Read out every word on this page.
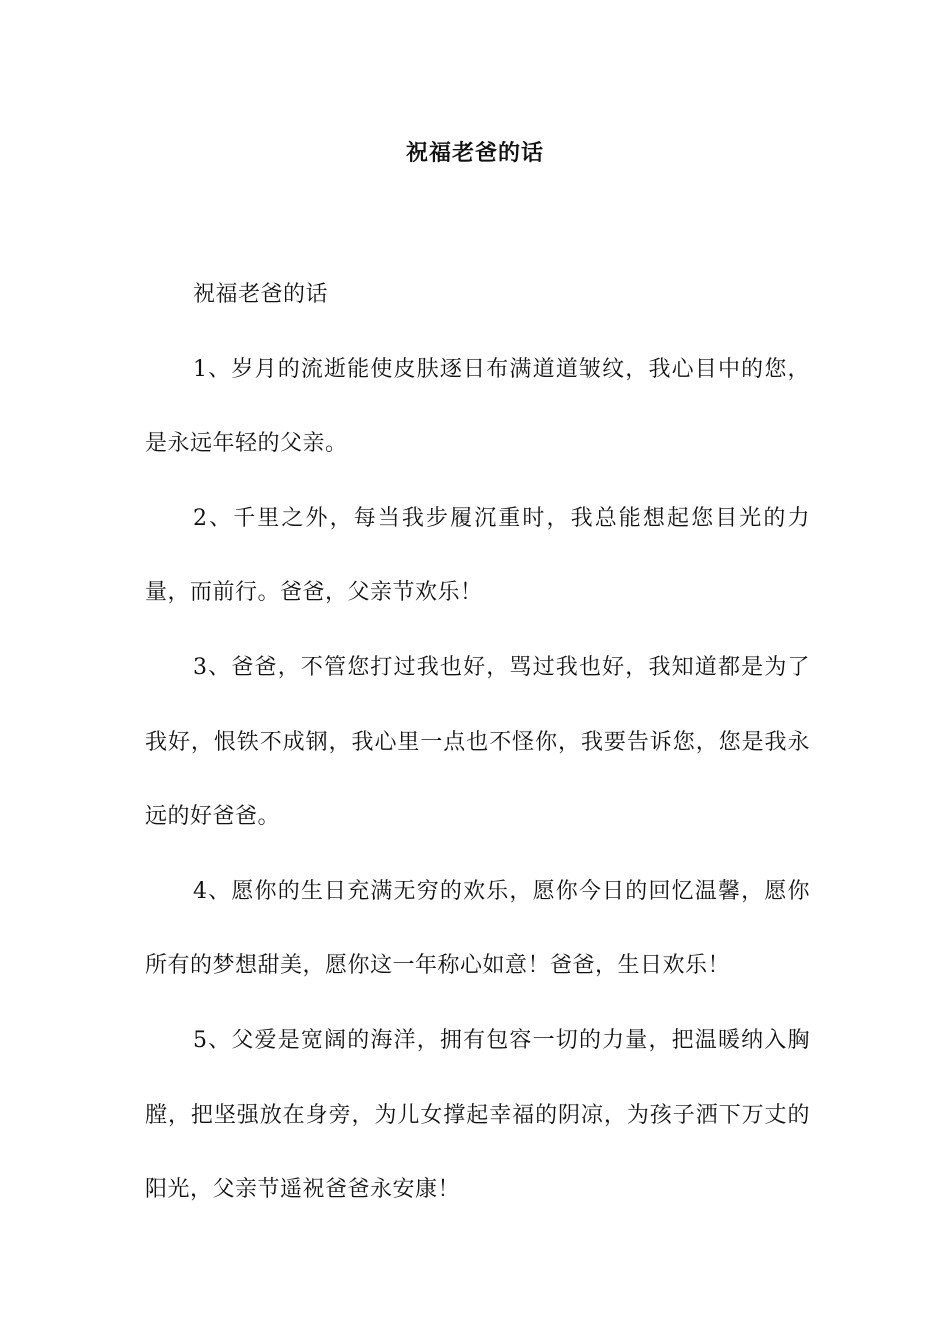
祝福老爸的话

祝福老爸的话

1、岁月的流逝能使皮肤逐日布满道道皱纹，我心目中的您，是永远年轻的父亲。

2、千里之外，每当我步履沉重时，我总能想起您目光的力量，而前行。爸爸，父亲节欢乐！

3、爸爸，不管您打过我也好，骂过我也好，我知道都是为了我好，恨铁不成钢，我心里一点也不怪你，我要告诉您，您是我永远的好爸爸。

4、愿你的生日充满无穷的欢乐，愿你今日的回忆温馨，愿你所有的梦想甜美，愿你这一年称心如意！爸爸，生日欢乐！

5、父爱是宽阔的海洋，拥有包容一切的力量，把温暖纳入胸膛，把坚强放在身旁，为儿女撑起幸福的阴凉，为孩子洒下万丈的阳光，父亲节遥祝爸爸永安康！
